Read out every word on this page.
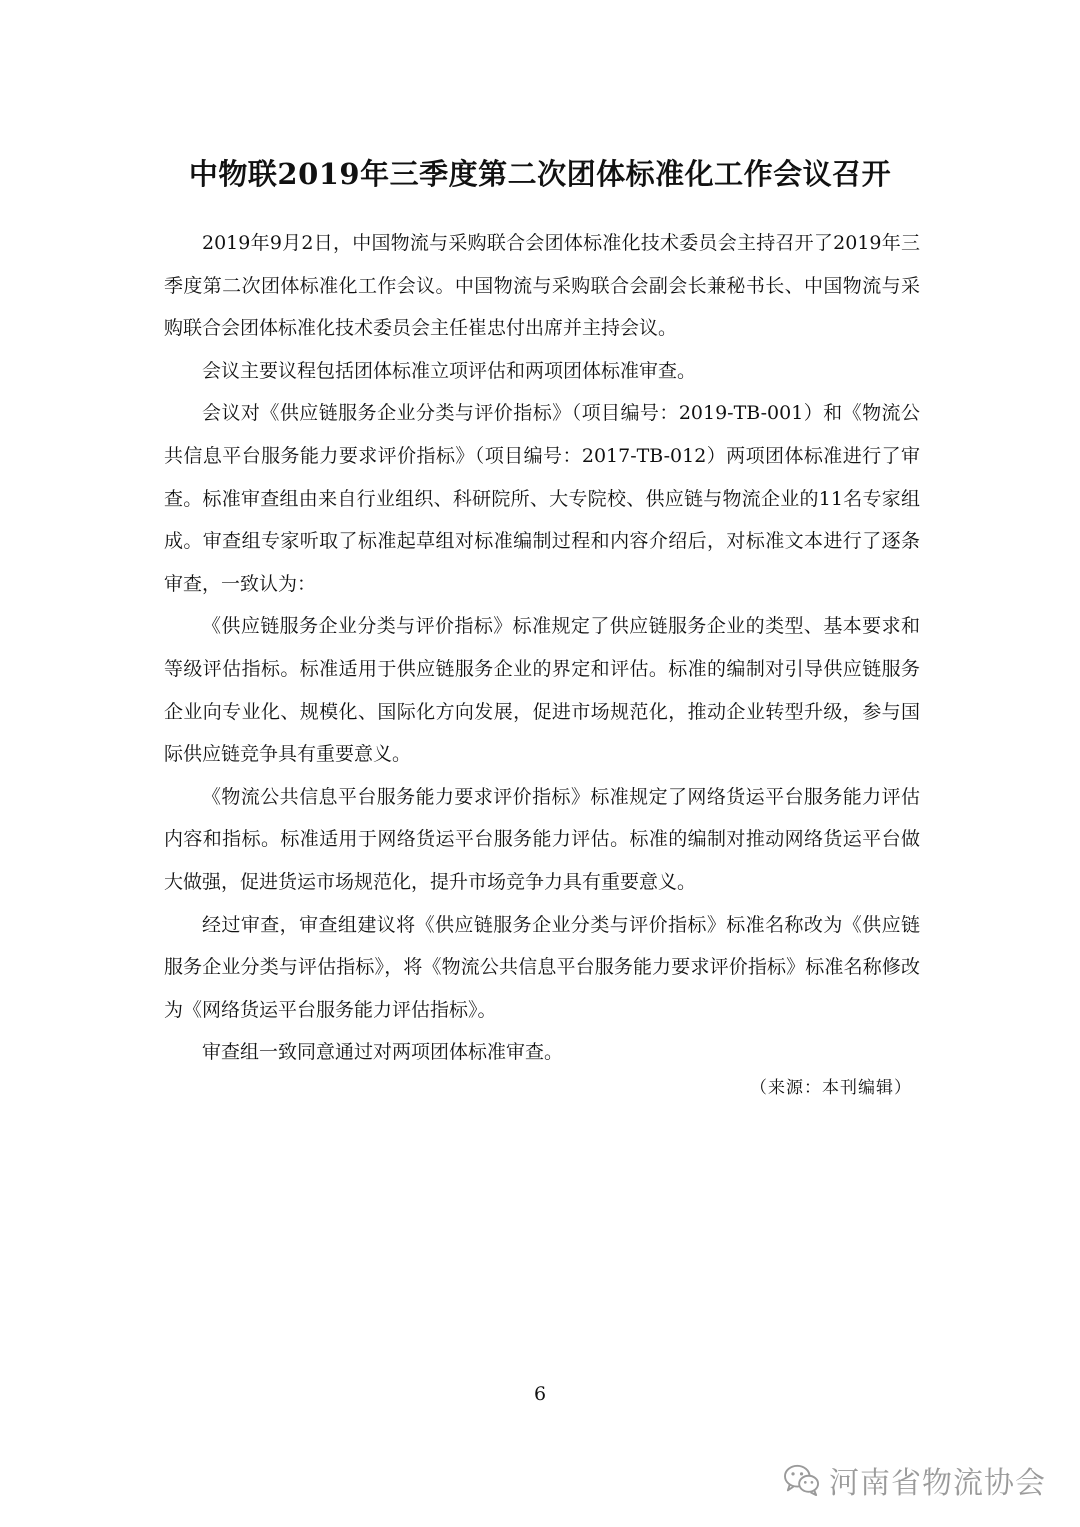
中物联2019年三季度第二次团体标准化工作会议召开

2019年9月2日，中国物流与采购联合会团体标准化技术委员会主持召开了2019年三季度第二次团体标准化工作会议。中国物流与采购联合会副会长兼秘书长、中国物流与采购联合会团体标准化技术委员会主任崔忠付出席并主持会议。

会议主要议程包括团体标准立项评估和两项团体标准审查。

会议对《供应链服务企业分类与评价指标》（项目编号：2019-TB-001）和《物流公共信息平台服务能力要求评价指标》（项目编号：2017-TB-012）两项团体标准进行了审查。标准审查组由来自行业组织、科研院所、大专院校、供应链与物流企业的11名专家组成。审查组专家听取了标准起草组对标准编制过程和内容介绍后，对标准文本进行了逐条审查，一致认为：

《供应链服务企业分类与评价指标》标准规定了供应链服务企业的类型、基本要求和等级评估指标。标准适用于供应链服务企业的界定和评估。标准的编制对引导供应链服务企业向专业化、规模化、国际化方向发展，促进市场规范化，推动企业转型升级，参与国际供应链竞争具有重要意义。

《物流公共信息平台服务能力要求评价指标》标准规定了网络货运平台服务能力评估内容和指标。标准适用于网络货运平台服务能力评估。标准的编制对推动网络货运平台做大做强，促进货运市场规范化，提升市场竞争力具有重要意义。

经过审查，审查组建议将《供应链服务企业分类与评价指标》标准名称改为《供应链服务企业分类与评估指标》，将《物流公共信息平台服务能力要求评价指标》标准名称修改为《网络货运平台服务能力评估指标》。

审查组一致同意通过对两项团体标准审查。

（来源：本刊编辑）
6
河南省物流协会
